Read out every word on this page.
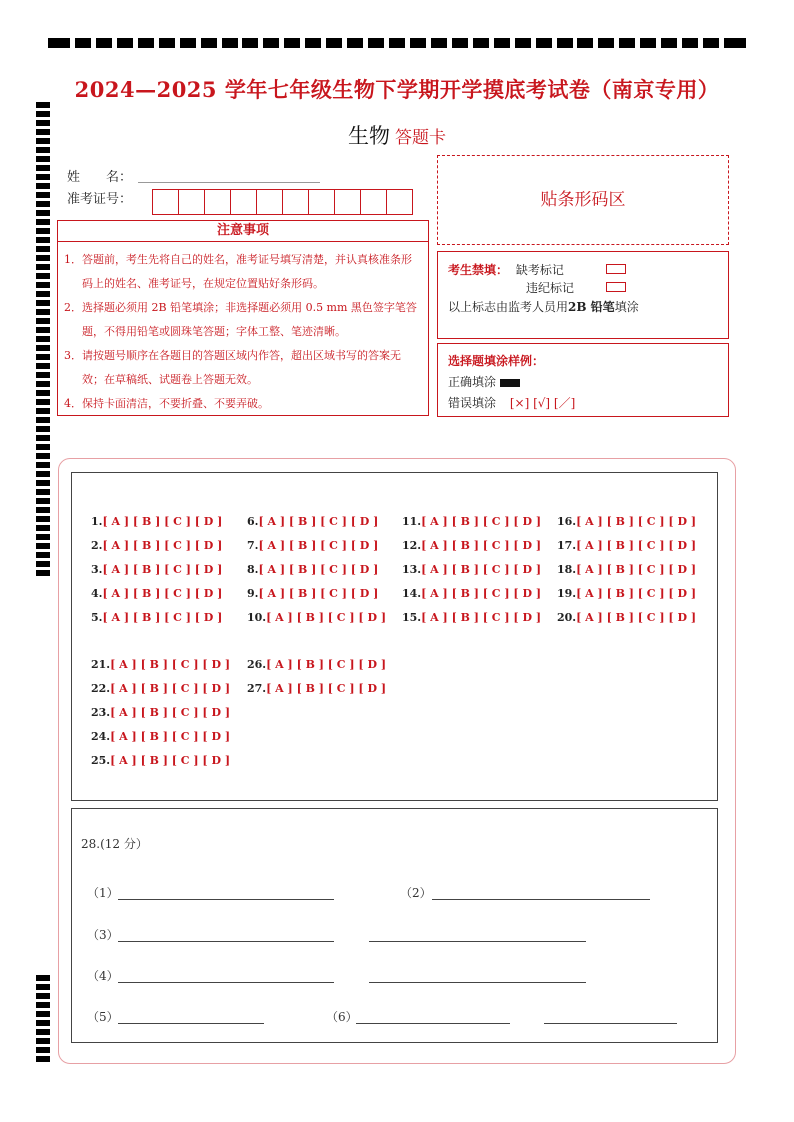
2024—2025 学年七年级生物下学期开学摸底考试卷（南京专用）
生物 答题卡
姓　　名：
准考证号：
注意事项
1．答题前，考生先将自己的姓名，准考证号填写清楚，并认真核准条形码上的姓名、准考证号，在规定位置贴好条形码。
2．选择题必须用 2B 铅笔填涂；非选择题必须用 0.5 mm 黑色签字笔答题，不得用铅笔或圆珠笔答题；字体工整、笔迹清晰。
3．请按题号顺序在各题目的答题区域内作答，超出区域书写的答案无效；在草稿纸、试题卷上答题无效。
4．保持卡面清洁，不要折叠、不要弄破。
贴条形码区
考生禁填： 缺考标记
违纪标记
以上标志由监考人员用2B 铅笔填涂
选择题填涂样例：
正确填涂
错误填涂 [×] [√] [／]
1.[ A ] [ B ] [ C ] [ D ]
2.[ A ] [ B ] [ C ] [ D ]
3.[ A ] [ B ] [ C ] [ D ]
4.[ A ] [ B ] [ C ] [ D ]
5.[ A ] [ B ] [ C ] [ D ]
6.[ A ] [ B ] [ C ] [ D ]
7.[ A ] [ B ] [ C ] [ D ]
8.[ A ] [ B ] [ C ] [ D ]
9.[ A ] [ B ] [ C ] [ D ]
10.[ A ] [ B ] [ C ] [ D ]
11.[ A ] [ B ] [ C ] [ D ]
12.[ A ] [ B ] [ C ] [ D ]
13.[ A ] [ B ] [ C ] [ D ]
14.[ A ] [ B ] [ C ] [ D ]
15.[ A ] [ B ] [ C ] [ D ]
16.[ A ] [ B ] [ C ] [ D ]
17.[ A ] [ B ] [ C ] [ D ]
18.[ A ] [ B ] [ C ] [ D ]
19.[ A ] [ B ] [ C ] [ D ]
20.[ A ] [ B ] [ C ] [ D ]
21.[ A ] [ B ] [ C ] [ D ]
22.[ A ] [ B ] [ C ] [ D ]
23.[ A ] [ B ] [ C ] [ D ]
24.[ A ] [ B ] [ C ] [ D ]
25.[ A ] [ B ] [ C ] [ D ]
26.[ A ] [ B ] [ C ] [ D ]
27.[ A ] [ B ] [ C ] [ D ]
28.(12 分）
（1）	（2）
（3）
（4）
（5）	（6）
